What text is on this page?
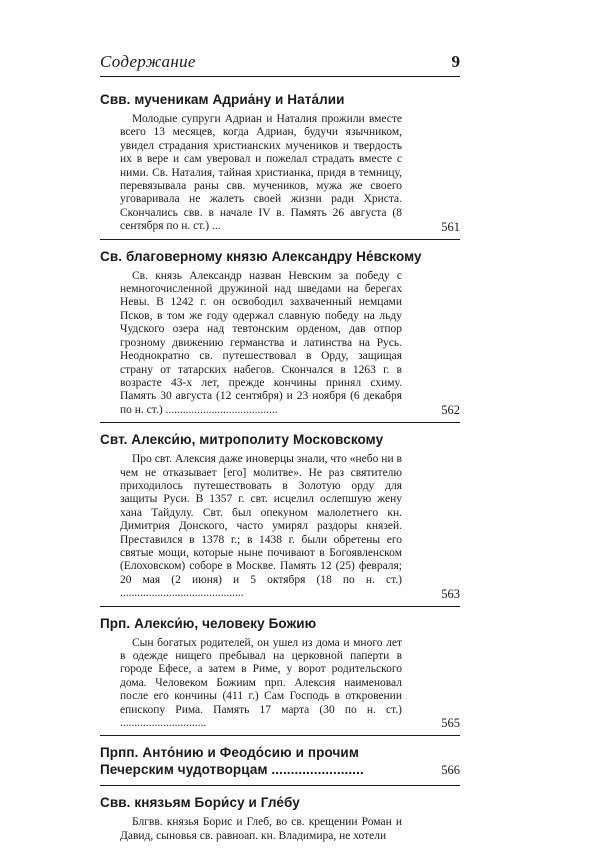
Содержание	9
Свв. мученикам Адриа́ну и Ната́лии
Молодые супруги Адриан и Наталия прожили вместе всего 13 месяцев, когда Адриан, будучи язычником, увидел страдания христианских мучеников и твердость их в вере и сам уверовал и пожелал страдать вместе с ними. Св. Наталия, тайная христианка, придя в темницу, перевязывала раны свв. мучеников, мужа же своего уговаривала не жалеть своей жизни ради Христа. Скончались свв. в начале IV в. Память 26 августа (8 сентября по н. ст.) ...	561
Св. благоверному князю Александру Не́вскому
Св. князь Александр назван Невским за победу с немногочисленной дружиной над шведами на берегах Невы. В 1242 г. он освободил захваченный немцами Псков, в том же году одержал славную победу на льду Чудского озера над тевтонским орденом, дав отпор грозному движению германства и латинства на Русь. Неоднократно св. путешествовал в Орду, защищая страну от татарских набегов. Скончался в 1263 г. в возрасте 43-х лет, прежде кончины принял схиму. Память 30 августа (12 сентября) и 23 ноября (6 декабря по н. ст.) .......................................	562
Свт. Алекси́ю, митрополиту Московскому
Про свт. Алексия даже иноверцы знали, что «небо ни в чем не отказывает [его] молитве». Не раз святителю приходилось путешествовать в Золотую орду для защиты Руси. В 1357 г. свт. исцелил ослепшую жену хана Тайдулу. Свт. был опекуном малолетнего кн. Димитрия Донского, часто умирял раздоры князей. Преставился в 1378 г.; в 1438 г. были обретены его святые мощи, которые ныне почивают в Богоявленском (Елоховском) соборе в Москве. Память 12 (25) февраля; 20 мая (2 июня) и 5 октября (18 по н. ст.) ...........................................	563
Прп. Алекси́ю, человеку Божию
Сын богатых родителей, он ушел из дома и много лет в одежде нищего пребывал на церковной паперти в городе Ефесе, а затем в Риме, у ворот родительского дома. Человеком Божиим прп. Алексия наименовал после его кончины (411 г.) Сам Господь в откровении епископу Рима. Память 17 марта (30 по н. ст.) ..............................	565
Прпп. Анто́нию и Феодо́сию и прочим Печерским чудотворцам ........................	566
Свв. князьям Бори́су и Гле́бу
Блгвв. князья Борис и Глеб, во св. крещении Роман и Давид, сыновья св. равноап. кн. Владимира, не хотели
